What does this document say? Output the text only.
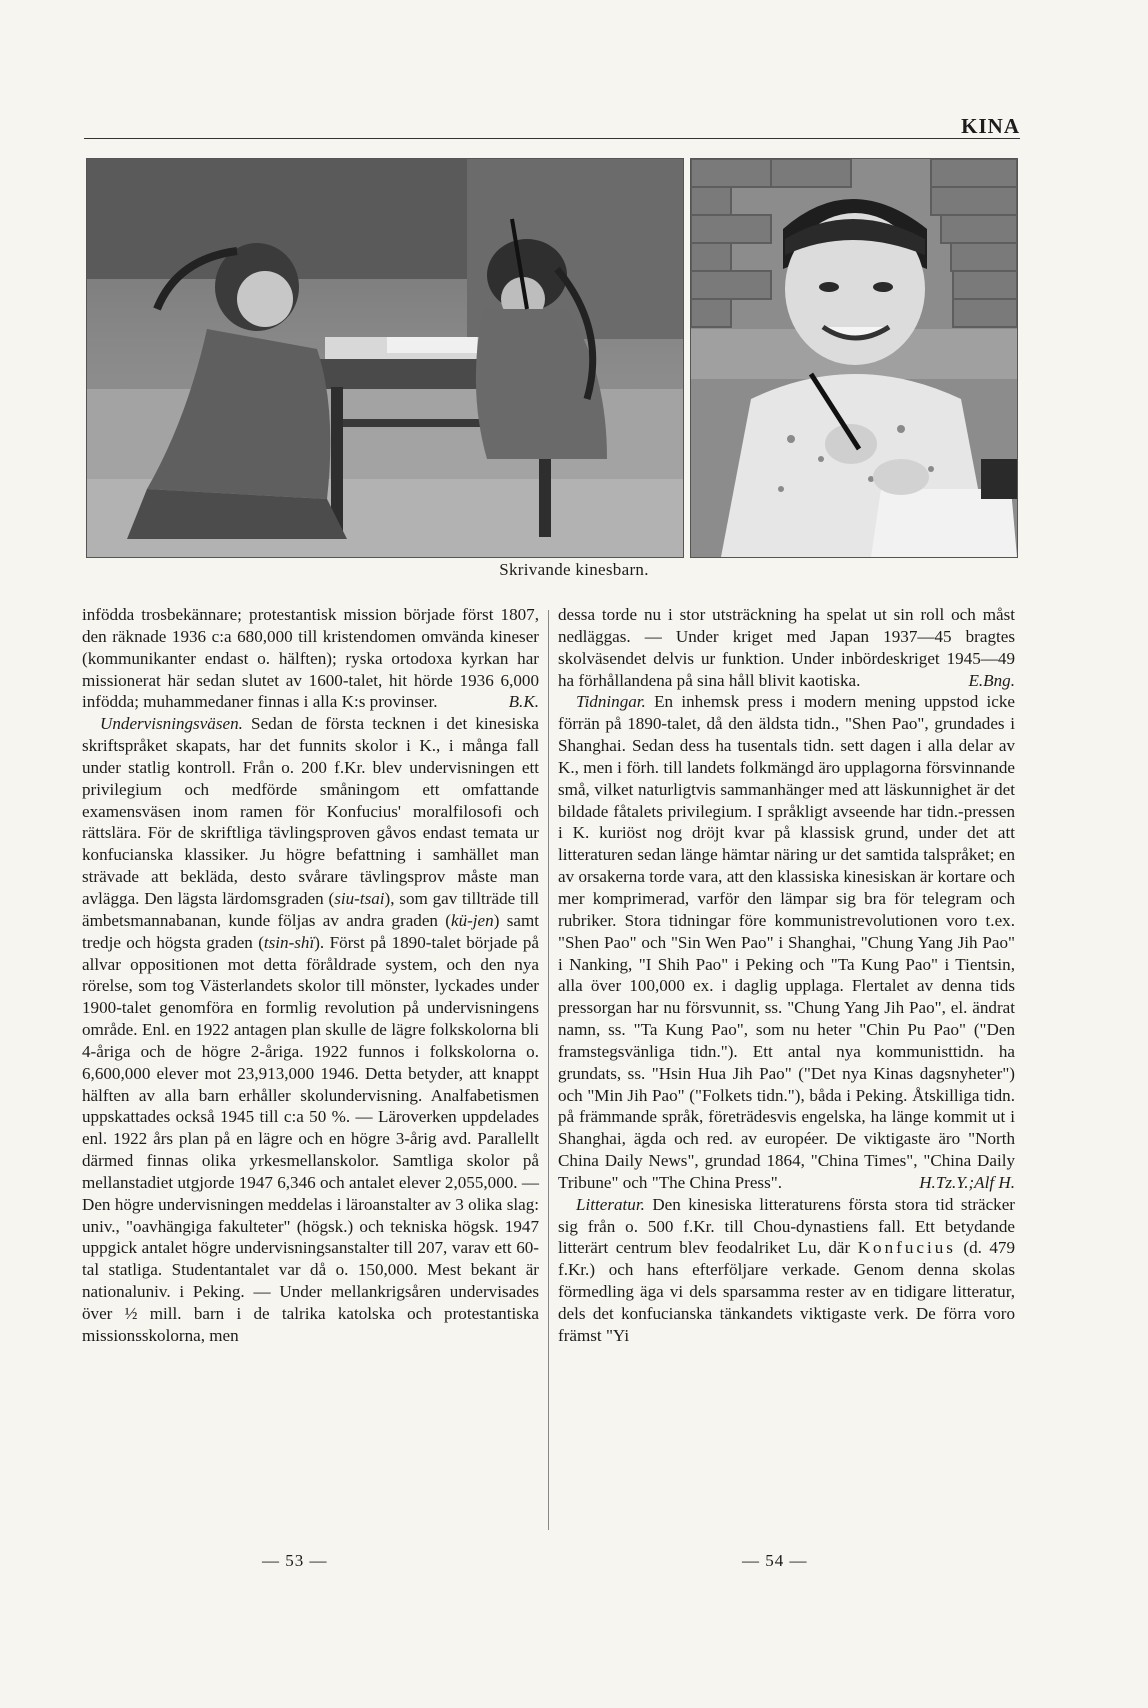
KINA
Skrivande kinesbarn.

infödda trosbekännare; protestantisk mission började först 1807, den räknade 1936 c:a 680,000 till kristendomen omvända kineser (kommunikanter endast o. hälften); ryska ortodoxa kyrkan har missionerat här sedan slutet av 1600-talet, hit hörde 1936 6,000 infödda; muhammedaner finnas i alla K:s provinser.	B.K.

Undervisningsväsen. Sedan de första tecknen i det kinesiska skriftspråket skapats, har det funnits skolor i K., i många fall under statlig kontroll. Från o. 200 f.Kr. blev undervisningen ett privilegium och medförde småningom ett omfattande examensväsen inom ramen för Konfucius' moralfilosofi och rättslära. För de skriftliga tävlingsproven gåvos endast temata ur konfucianska klassiker. Ju högre befattning i samhället man strävade att bekläda, desto svårare tävlingsprov måste man avlägga. Den lägsta lärdomsgraden (siu-tsai), som gav tillträde till ämbetsmannabanan, kunde följas av andra graden (kü-jen) samt tredje och högsta graden (tsin-shï). Först på 1890-talet började på allvar oppositionen mot detta föråldrade system, och den nya rörelse, som tog Västerlandets skolor till mönster, lyckades under 1900-talet genomföra en formlig revolution på undervisningens område. Enl. en 1922 antagen plan skulle de lägre folkskolorna bli 4-åriga och de högre 2-åriga. 1922 funnos i folkskolorna o. 6,600,000 elever mot 23,913,000 1946. Detta betyder, att knappt hälften av alla barn erhåller skolundervisning. Analfabetismen uppskattades också 1945 till c:a 50 %. — Läroverken uppdelades enl. 1922 års plan på en lägre och en högre 3-årig avd. Parallellt därmed finnas olika yrkesmellanskolor. Samtliga skolor på mellanstadiet utgjorde 1947 6,346 och antalet elever 2,055,000. — Den högre undervisningen meddelas i läroanstalter av 3 olika slag: univ., "oavhängiga fakulteter" (högsk.) och tekniska högsk. 1947 uppgick antalet högre undervisningsanstalter till 207, varav ett 60-tal statliga. Studentantalet var då o. 150,000. Mest bekant är nationaluniv. i Peking. — Under mellankrigsåren undervisades över ½ mill. barn i de talrika katolska och protestantiska missionsskolorna, men

dessa torde nu i stor utsträckning ha spelat ut sin roll och måst nedläggas. — Under kriget med Japan 1937—45 bragtes skolväsendet delvis ur funktion. Under inbördeskriget 1945—49 ha förhållandena på sina håll blivit kaotiska.	E.Bng.

Tidningar. En inhemsk press i modern mening uppstod icke förrän på 1890-talet, då den äldsta tidn., "Shen Pao", grundades i Shanghai. Sedan dess ha tusentals tidn. sett dagen i alla delar av K., men i förh. till landets folkmängd äro upplagorna försvinnande små, vilket naturligtvis sammanhänger med att läskunnighet är det bildade fåtalets privilegium. I språkligt avseende har tidn.-pressen i K. kuriöst nog dröjt kvar på klassisk grund, under det att litteraturen sedan länge hämtar näring ur det samtida talspråket; en av orsakerna torde vara, att den klassiska kinesiskan är kortare och mer komprimerad, varför den lämpar sig bra för telegram och rubriker. Stora tidningar före kommunistrevolutionen voro t.ex. "Shen Pao" och "Sin Wen Pao" i Shanghai, "Chung Yang Jih Pao" i Nanking, "I Shih Pao" i Peking och "Ta Kung Pao" i Tientsin, alla över 100,000 ex. i daglig upplaga. Flertalet av denna tids pressorgan har nu försvunnit, ss. "Chung Yang Jih Pao", el. ändrat namn, ss. "Ta Kung Pao", som nu heter "Chin Pu Pao" ("Den framstegsvänliga tidn."). Ett antal nya kommunisttidn. ha grundats, ss. "Hsin Hua Jih Pao" ("Det nya Kinas dagsnyheter") och "Min Jih Pao" ("Folkets tidn."), båda i Peking. Åtskilliga tidn. på främmande språk, företrädesvis engelska, ha länge kommit ut i Shanghai, ägda och red. av européer. De viktigaste äro "North China Daily News", grundad 1864, "China Times", "China Daily Tribune" och "The China Press".	H.Tz.Y.;Alf H.

Litteratur. Den kinesiska litteraturens första stora tid sträcker sig från o. 500 f.Kr. till Chou-dynastiens fall. Ett betydande litterärt centrum blev feodalriket Lu, där Konfucius (d. 479 f.Kr.) och hans efterföljare verkade. Genom denna skolas förmedling äga vi dels sparsamma rester av en tidigare litteratur, dels det konfucianska tänkandets viktigaste verk. De förra voro främst "Yi

— 53 —	— 54 —
